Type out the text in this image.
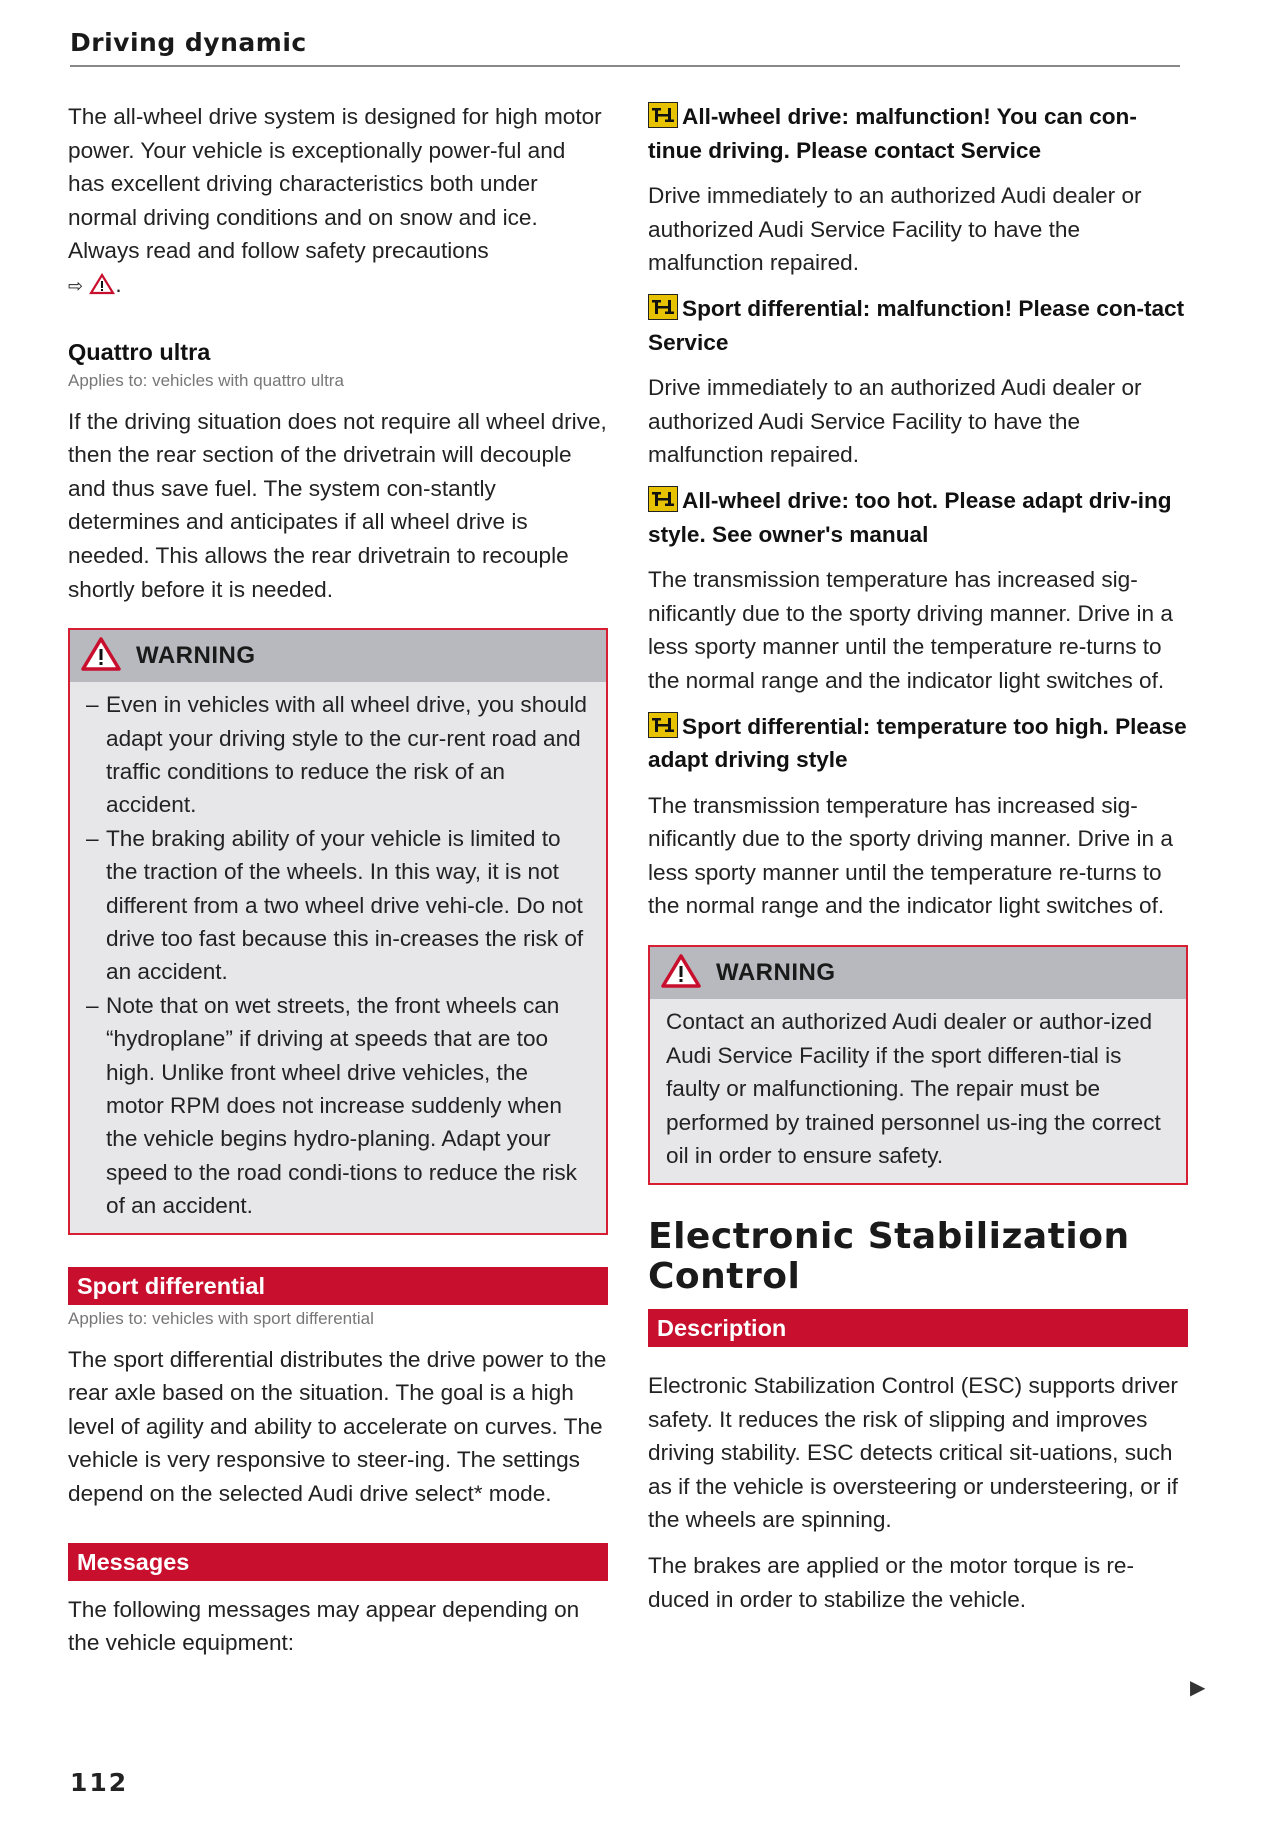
Driving dynamic

The all-wheel drive system is designed for high motor power. Your vehicle is exceptionally power-ful and has excellent driving characteristics both under normal driving conditions and on snow and ice. Always read and follow safety precautions
⇨ .

Quattro ultra
Applies to: vehicles with quattro ultra

If the driving situation does not require all wheel drive, then the rear section of the drivetrain will decouple and thus save fuel. The system con-stantly determines and anticipates if all wheel drive is needed. This allows the rear drivetrain to recouple shortly before it is needed.

WARNING
– Even in vehicles with all wheel drive, you should adapt your driving style to the cur-rent road and traffic conditions to reduce the risk of an accident.
– The braking ability of your vehicle is limited to the traction of the wheels. In this way, it is not different from a two wheel drive vehi-cle. Do not drive too fast because this in-creases the risk of an accident.
– Note that on wet streets, the front wheels can “hydroplane” if driving at speeds that are too high. Unlike front wheel drive vehicles, the motor RPM does not increase suddenly when the vehicle begins hydro-planing. Adapt your speed to the road condi-tions to reduce the risk of an accident.
Sport differential
Applies to: vehicles with sport differential

The sport differential distributes the drive power to the rear axle based on the situation. The goal is a high level of agility and ability to accelerate on curves. The vehicle is very responsive to steer-ing. The settings depend on the selected Audi drive select* mode.

Messages

The following messages may appear depending on the vehicle equipment:

All-wheel drive: malfunction! You can con-tinue driving. Please contact Service

Drive immediately to an authorized Audi dealer or authorized Audi Service Facility to have the malfunction repaired.

Sport differential: malfunction! Please con-tact Service

Drive immediately to an authorized Audi dealer or authorized Audi Service Facility to have the malfunction repaired.

All-wheel drive: too hot. Please adapt driv-ing style. See owner's manual

The transmission temperature has increased sig-nificantly due to the sporty driving manner. Drive in a less sporty manner until the temperature re-turns to the normal range and the indicator light switches of.

Sport differential: temperature too high. Please adapt driving style

The transmission temperature has increased sig-nificantly due to the sporty driving manner. Drive in a less sporty manner until the temperature re-turns to the normal range and the indicator light switches of.

WARNING

Contact an authorized Audi dealer or author-ized Audi Service Facility if the sport differen-tial is faulty or malfunctioning. The repair must be performed by trained personnel us-ing the correct oil in order to ensure safety.

Electronic Stabilization Control
Description

Electronic Stabilization Control (ESC) supports driver safety. It reduces the risk of slipping and improves driving stability. ESC detects critical sit-uations, such as if the vehicle is oversteering or understeering, or if the wheels are spinning.

The brakes are applied or the motor torque is re-duced in order to stabilize the vehicle.

▶
112
